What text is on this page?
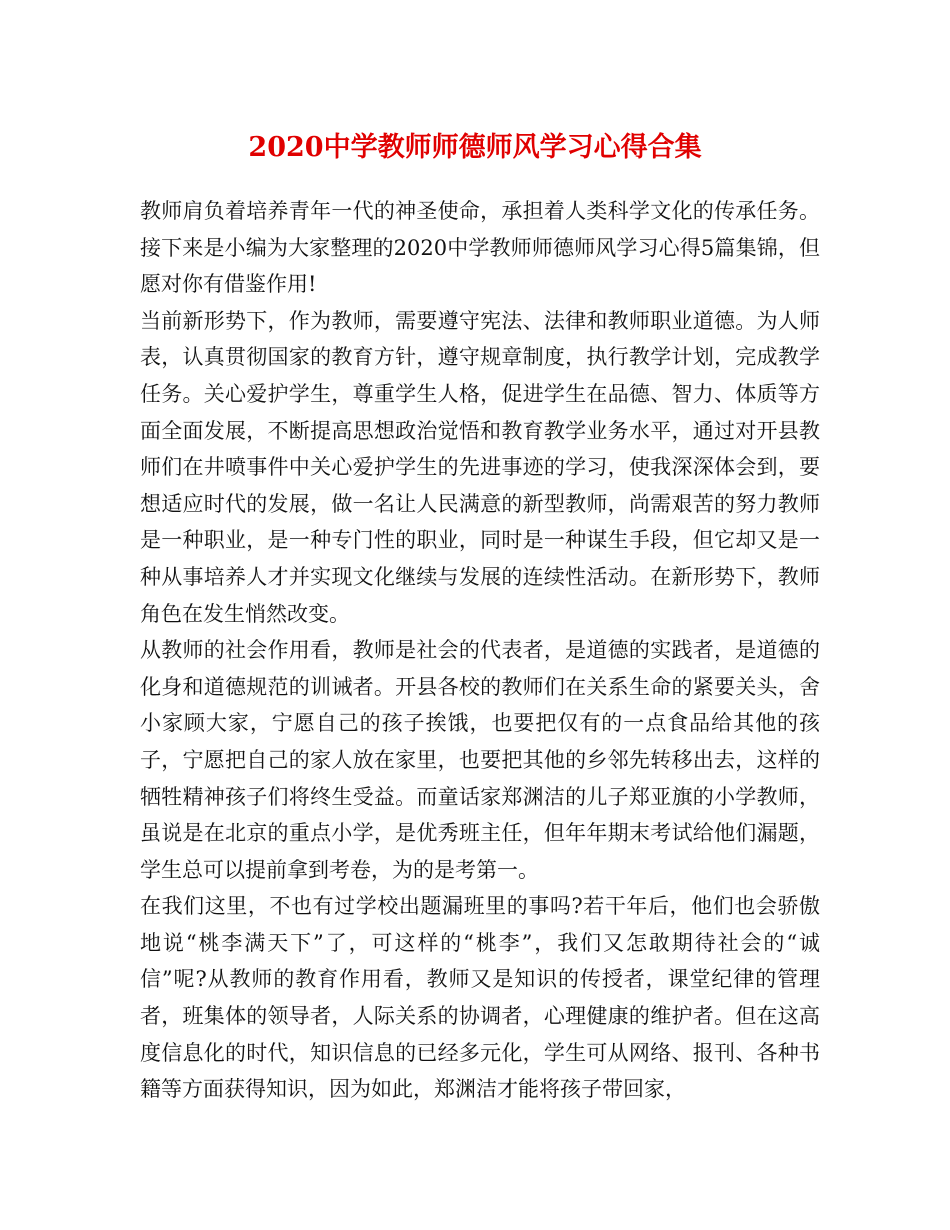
2020中学教师师德师风学习心得合集

教师肩负着培养青年一代的神圣使命，承担着人类科学文化的传承任务。接下来是小编为大家整理的2020中学教师师德师风学习心得5篇集锦，但愿对你有借鉴作用!

当前新形势下，作为教师，需要遵守宪法、法律和教师职业道德。为人师表，认真贯彻国家的教育方针，遵守规章制度，执行教学计划，完成教学任务。关心爱护学生，尊重学生人格，促进学生在品德、智力、体质等方面全面发展，不断提高思想政治觉悟和教育教学业务水平，通过对开县教师们在井喷事件中关心爱护学生的先进事迹的学习，使我深深体会到，要想适应时代的发展，做一名让人民满意的新型教师，尚需艰苦的努力教师是一种职业，是一种专门性的职业，同时是一种谋生手段，但它却又是一种从事培养人才并实现文化继续与发展的连续性活动。在新形势下，教师角色在发生悄然改变。

从教师的社会作用看，教师是社会的代表者，是道德的实践者，是道德的化身和道德规范的训诫者。开县各校的教师们在关系生命的紧要关头，舍小家顾大家，宁愿自己的孩子挨饿，也要把仅有的一点食品给其他的孩子，宁愿把自己的家人放在家里，也要把其他的乡邻先转移出去，这样的牺牲精神孩子们将终生受益。而童话家郑渊洁的儿子郑亚旗的小学教师，虽说是在北京的重点小学，是优秀班主任，但年年期末考试给他们漏题，学生总可以提前拿到考卷，为的是考第一。

在我们这里，不也有过学校出题漏班里的事吗?若干年后，他们也会骄傲地说“桃李满天下”了，可这样的“桃李”，我们又怎敢期待社会的“诚信”呢?从教师的教育作用看，教师又是知识的传授者，课堂纪律的管理者，班集体的领导者，人际关系的协调者，心理健康的维护者。但在这高度信息化的时代，知识信息的已经多元化，学生可从网络、报刊、各种书籍等方面获得知识，因为如此，郑渊洁才能将孩子带回家，
